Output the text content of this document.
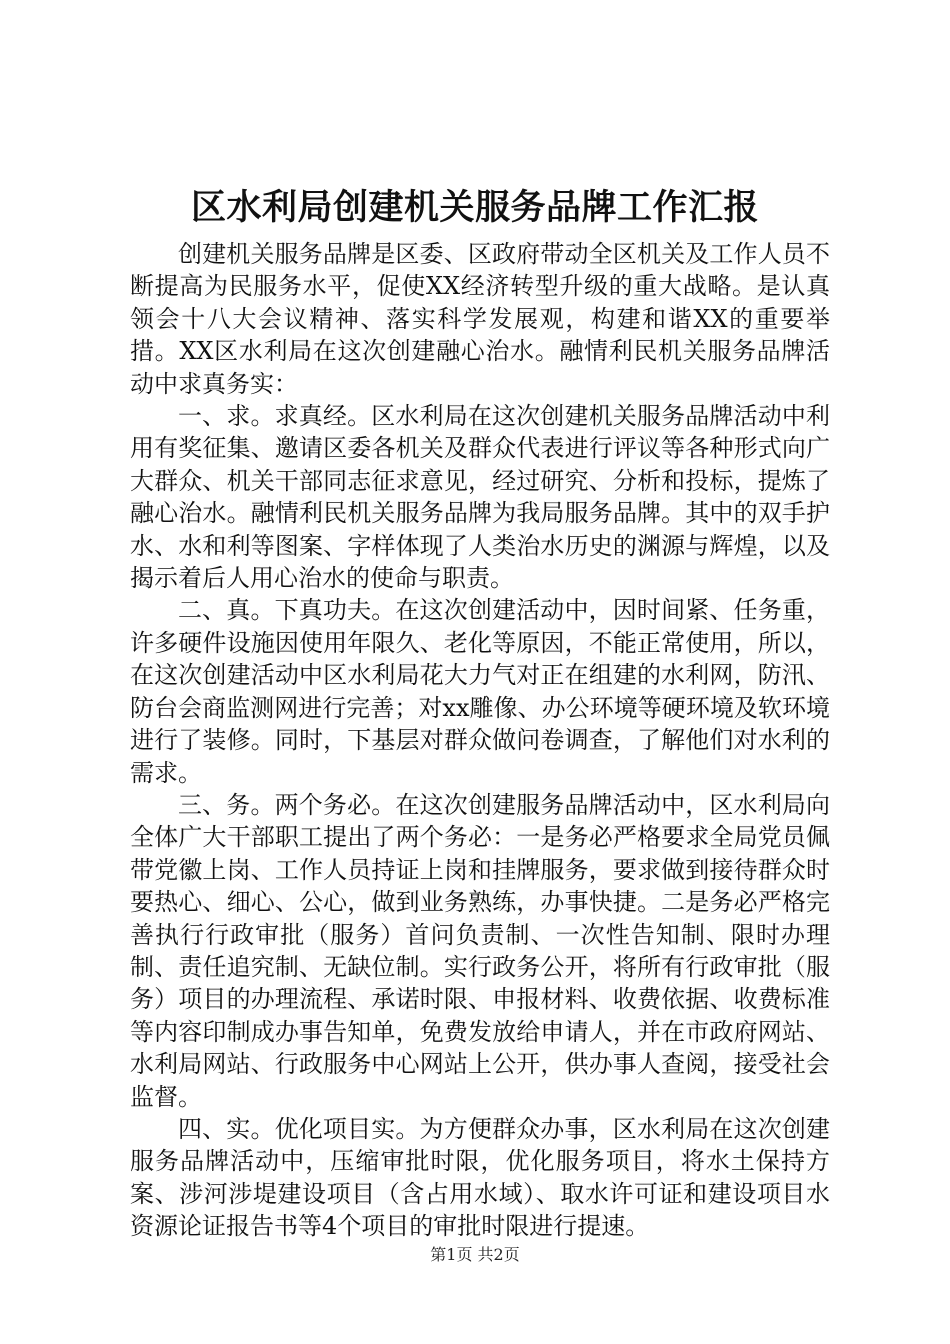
区水利局创建机关服务品牌工作汇报

创建机关服务品牌是区委、区政府带动全区机关及工作人员不断提高为民服务水平，促使XX经济转型升级的重大战略。是认真领会十八大会议精神、落实科学发展观，构建和谐XX的重要举措。XX区水利局在这次创建融心治水。融情利民机关服务品牌活动中求真务实：

一、求。求真经。区水利局在这次创建机关服务品牌活动中利用有奖征集、邀请区委各机关及群众代表进行评议等各种形式向广大群众、机关干部同志征求意见，经过研究、分析和投标，提炼了融心治水。融情利民机关服务品牌为我局服务品牌。其中的双手护水、水和利等图案、字样体现了人类治水历史的渊源与辉煌，以及揭示着后人用心治水的使命与职责。

二、真。下真功夫。在这次创建活动中，因时间紧、任务重，许多硬件设施因使用年限久、老化等原因，不能正常使用，所以，在这次创建活动中区水利局花大力气对正在组建的水利网，防汛、防台会商监测网进行完善；对xx雕像、办公环境等硬环境及软环境进行了装修。同时，下基层对群众做问卷调查，了解他们对水利的需求。

三、务。两个务必。在这次创建服务品牌活动中，区水利局向全体广大干部职工提出了两个务必：一是务必严格要求全局党员佩带党徽上岗、工作人员持证上岗和挂牌服务，要求做到接待群众时要热心、细心、公心，做到业务熟练，办事快捷。二是务必严格完善执行行政审批（服务）首问负责制、一次性告知制、限时办理制、责任追究制、无缺位制。实行政务公开，将所有行政审批（服务）项目的办理流程、承诺时限、申报材料、收费依据、收费标准等内容印制成办事告知单，免费发放给申请人，并在市政府网站、水利局网站、行政服务中心网站上公开，供办事人查阅，接受社会监督。

四、实。优化项目实。为方便群众办事，区水利局在这次创建服务品牌活动中，压缩审批时限，优化服务项目，将水土保持方案、涉河涉堤建设项目（含占用水域）、取水许可证和建设项目水资源论证报告书等4个项目的审批时限进行提速。

第1页 共2页
